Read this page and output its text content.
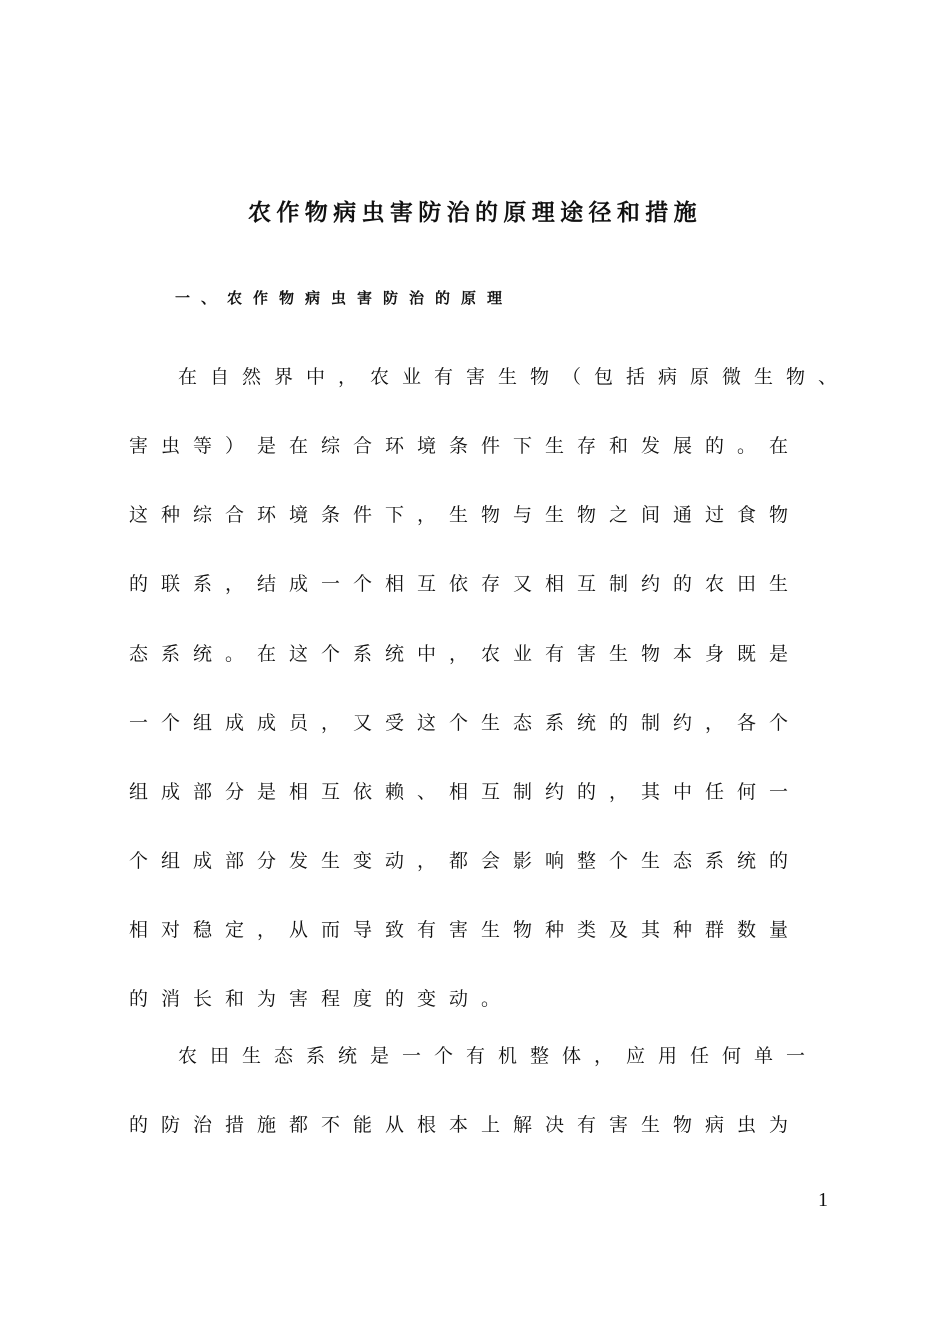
农作物病虫害防治的原理途径和措施
一、农作物病虫害防治的原理
在自然界中，农业有害生物（包括病原微生物、
害虫等）是在综合环境条件下生存和发展的。在
这种综合环境条件下，生物与生物之间通过食物
的联系，结成一个相互依存又相互制约的农田生
态系统。在这个系统中，农业有害生物本身既是
一个组成成员，又受这个生态系统的制约，各个
组成部分是相互依赖、相互制约的，其中任何一
个组成部分发生变动，都会影响整个生态系统的
相对稳定，从而导致有害生物种类及其种群数量
的消长和为害程度的变动。
农田生态系统是一个有机整体，应用任何单一
的防治措施都不能从根本上解决有害生物病虫为
1
